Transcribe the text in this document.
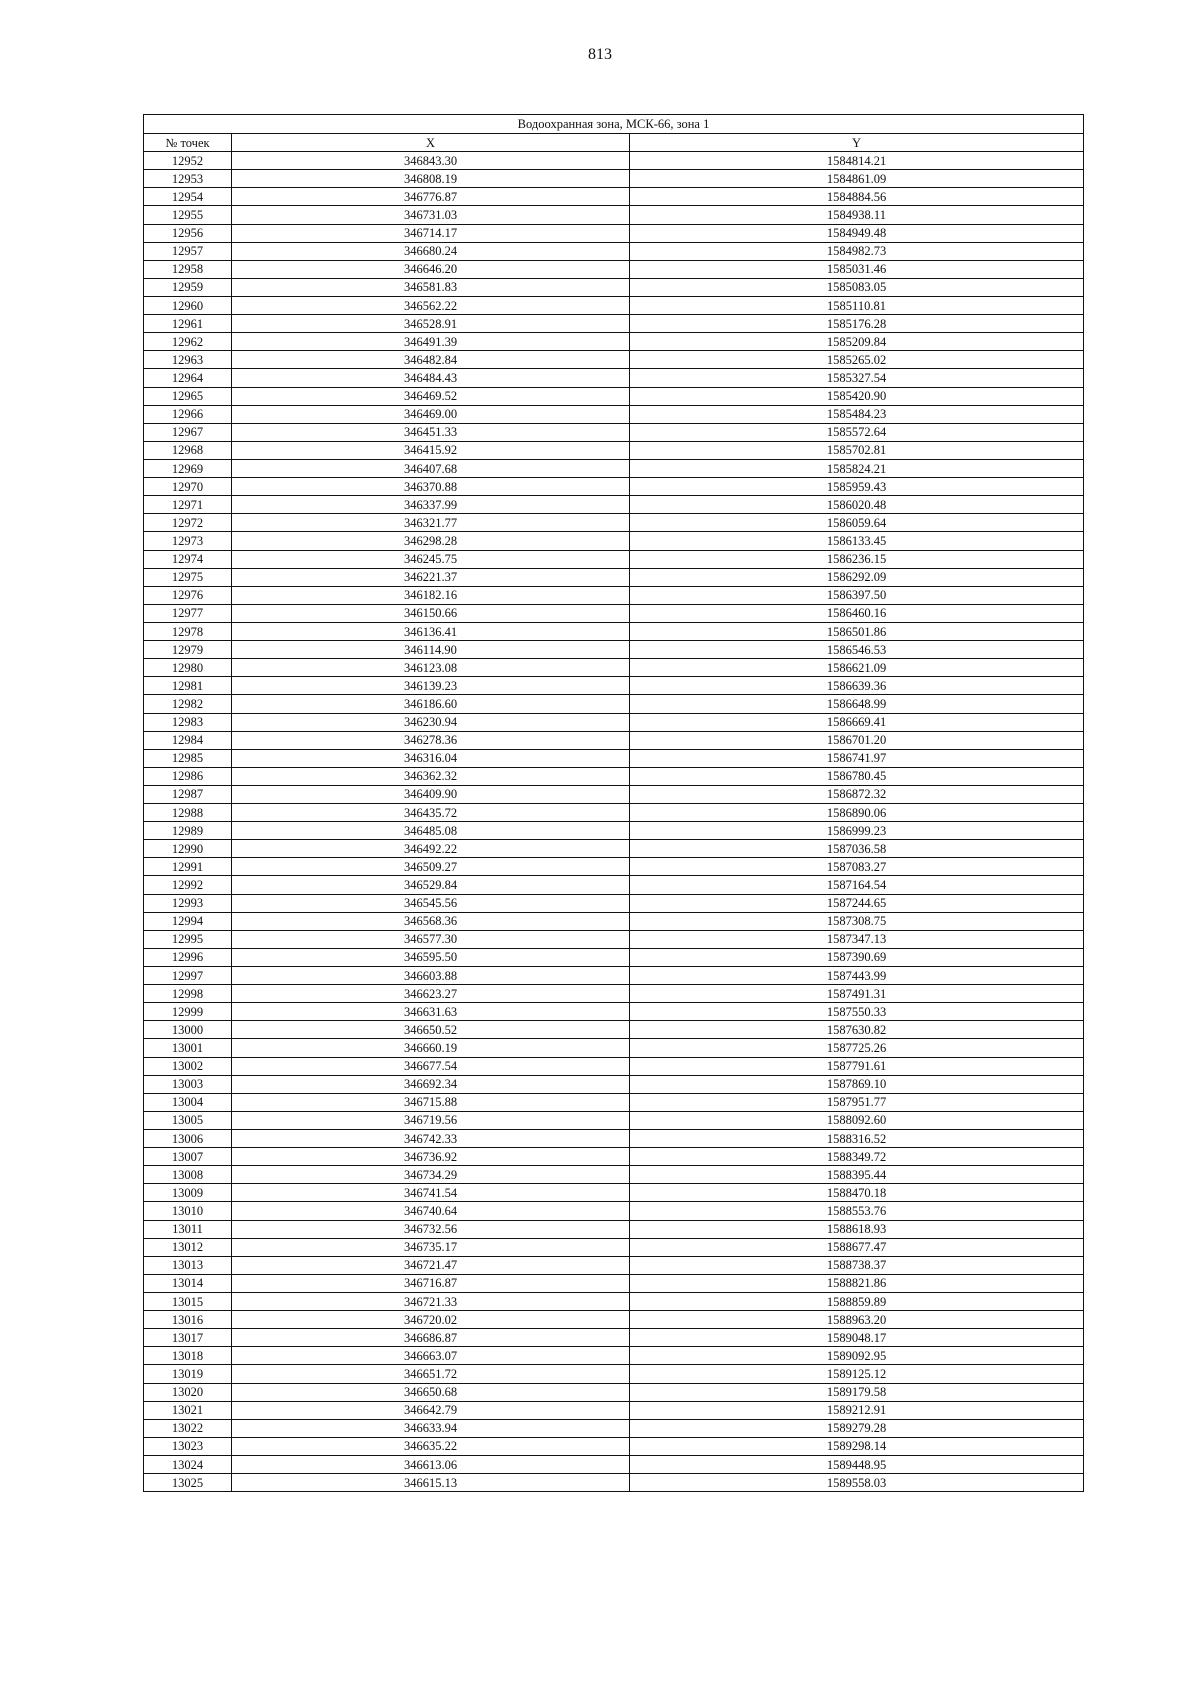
813
Водоохранная зона, МСК-66, зона 1		
№ точек	X	Y
12952	346843.30	1584814.21
12953	346808.19	1584861.09
12954	346776.87	1584884.56
12955	346731.03	1584938.11
12956	346714.17	1584949.48
12957	346680.24	1584982.73
12958	346646.20	1585031.46
12959	346581.83	1585083.05
12960	346562.22	1585110.81
12961	346528.91	1585176.28
12962	346491.39	1585209.84
12963	346482.84	1585265.02
12964	346484.43	1585327.54
12965	346469.52	1585420.90
12966	346469.00	1585484.23
12967	346451.33	1585572.64
12968	346415.92	1585702.81
12969	346407.68	1585824.21
12970	346370.88	1585959.43
12971	346337.99	1586020.48
12972	346321.77	1586059.64
12973	346298.28	1586133.45
12974	346245.75	1586236.15
12975	346221.37	1586292.09
12976	346182.16	1586397.50
12977	346150.66	1586460.16
12978	346136.41	1586501.86
12979	346114.90	1586546.53
12980	346123.08	1586621.09
12981	346139.23	1586639.36
12982	346186.60	1586648.99
12983	346230.94	1586669.41
12984	346278.36	1586701.20
12985	346316.04	1586741.97
12986	346362.32	1586780.45
12987	346409.90	1586872.32
12988	346435.72	1586890.06
12989	346485.08	1586999.23
12990	346492.22	1587036.58
12991	346509.27	1587083.27
12992	346529.84	1587164.54
12993	346545.56	1587244.65
12994	346568.36	1587308.75
12995	346577.30	1587347.13
12996	346595.50	1587390.69
12997	346603.88	1587443.99
12998	346623.27	1587491.31
12999	346631.63	1587550.33
13000	346650.52	1587630.82
13001	346660.19	1587725.26
13002	346677.54	1587791.61
13003	346692.34	1587869.10
13004	346715.88	1587951.77
13005	346719.56	1588092.60
13006	346742.33	1588316.52
13007	346736.92	1588349.72
13008	346734.29	1588395.44
13009	346741.54	1588470.18
13010	346740.64	1588553.76
13011	346732.56	1588618.93
13012	346735.17	1588677.47
13013	346721.47	1588738.37
13014	346716.87	1588821.86
13015	346721.33	1588859.89
13016	346720.02	1588963.20
13017	346686.87	1589048.17
13018	346663.07	1589092.95
13019	346651.72	1589125.12
13020	346650.68	1589179.58
13021	346642.79	1589212.91
13022	346633.94	1589279.28
13023	346635.22	1589298.14
13024	346613.06	1589448.95
13025	346615.13	1589558.03
